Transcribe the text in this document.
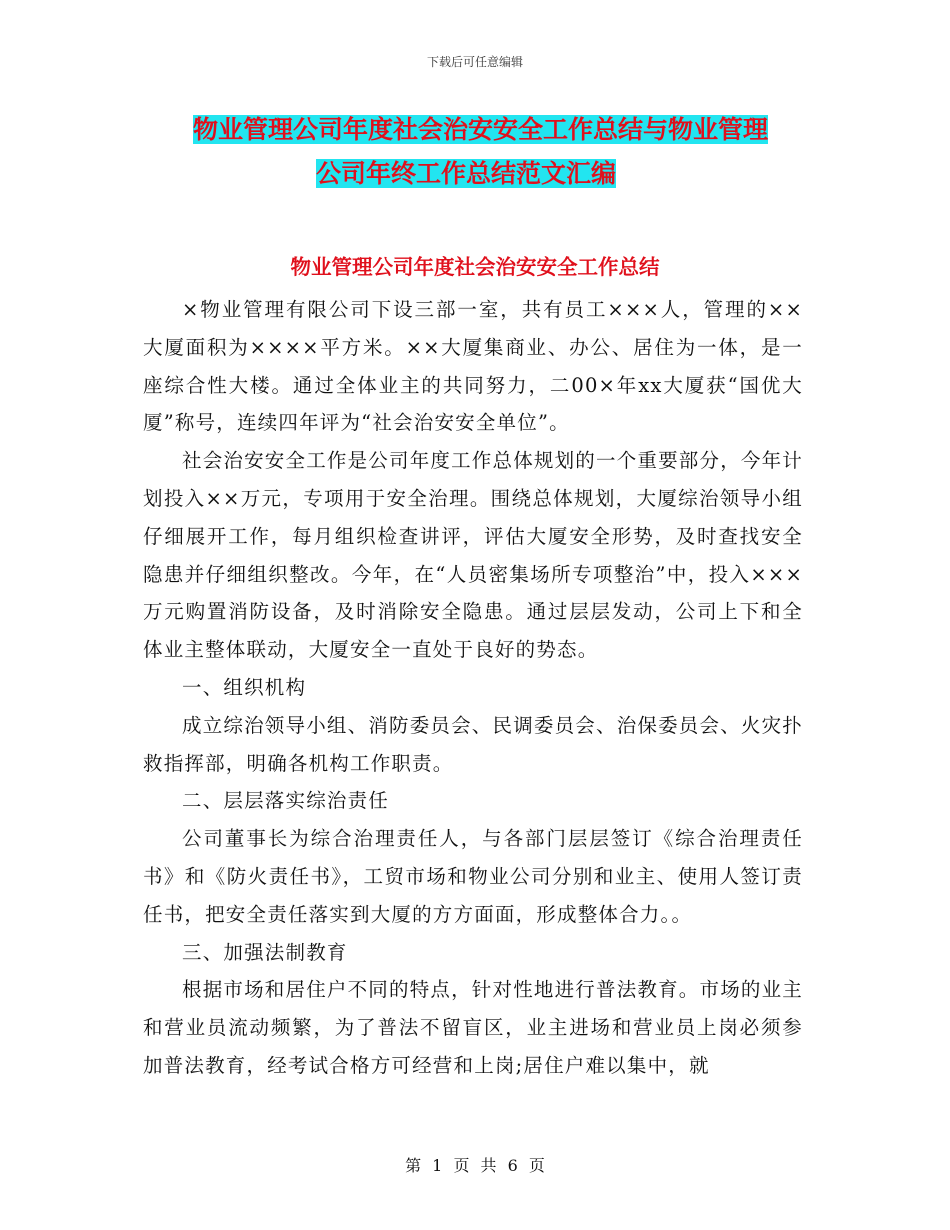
下载后可任意编辑
物业管理公司年度社会治安安全工作总结与物业管理
公司年终工作总结范文汇编
物业管理公司年度社会治安安全工作总结

×物业管理有限公司下设三部一室，共有员工×××人，管理的××大厦面积为××××平方米。××大厦集商业、办公、居住为一体，是一座综合性大楼。通过全体业主的共同努力，二00×年xx大厦获“国优大厦”称号，连续四年评为“社会治安安全单位”。

社会治安安全工作是公司年度工作总体规划的一个重要部分，今年计划投入××万元，专项用于安全治理。围绕总体规划，大厦综治领导小组仔细展开工作，每月组织检查讲评，评估大厦安全形势，及时查找安全隐患并仔细组织整改。今年，在“人员密集场所专项整治”中，投入×××万元购置消防设备，及时消除安全隐患。通过层层发动，公司上下和全体业主整体联动，大厦安全一直处于良好的势态。

一、组织机构

成立综治领导小组、消防委员会、民调委员会、治保委员会、火灾扑救指挥部，明确各机构工作职责。

二、层层落实综治责任

公司董事长为综合治理责任人，与各部门层层签订《综合治理责任书》和《防火责任书》，工贸市场和物业公司分别和业主、使用人签订责任书，把安全责任落实到大厦的方方面面，形成整体合力。。

三、加强法制教育

根据市场和居住户不同的特点，针对性地进行普法教育。市场的业主和营业员流动频繁，为了普法不留盲区，业主进场和营业员上岗必须参加普法教育，经考试合格方可经营和上岗;居住户难以集中，就

第 1 页 共 6 页
